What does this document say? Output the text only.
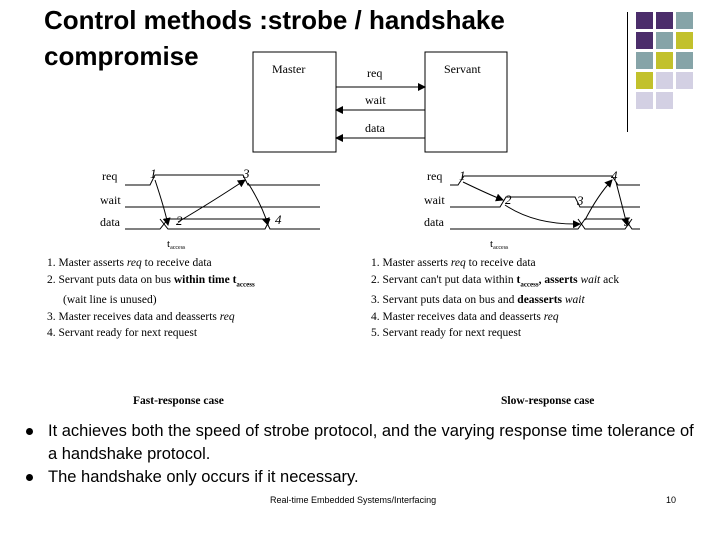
Control methods :strobe / handshake compromise	Master	Servant
req
wait
data
req
wait
data
1
2
3
4
taccess
req
wait
data
1
2	3
4
5
taccess
1. Master asserts req to receive data
2. Servant puts data on bus within time $t_{access}$
(wait line is unused)
3. Master receives data and deasserts req
4. Servant ready for next request
1. Master asserts req to receive data
2. Servant can't put data within $t_{access}$, asserts wait ack
3. Servant puts data on bus and deasserts wait
4. Master receives data and deasserts req
5. Servant ready for next request
Fast-response case	Slow-response case
It achieves both the speed of strobe protocol, and the varying response time tolerance of a handshake protocol.
The handshake only occurs if it necessary.
Real-time Embedded Systems/Interfacing	10
